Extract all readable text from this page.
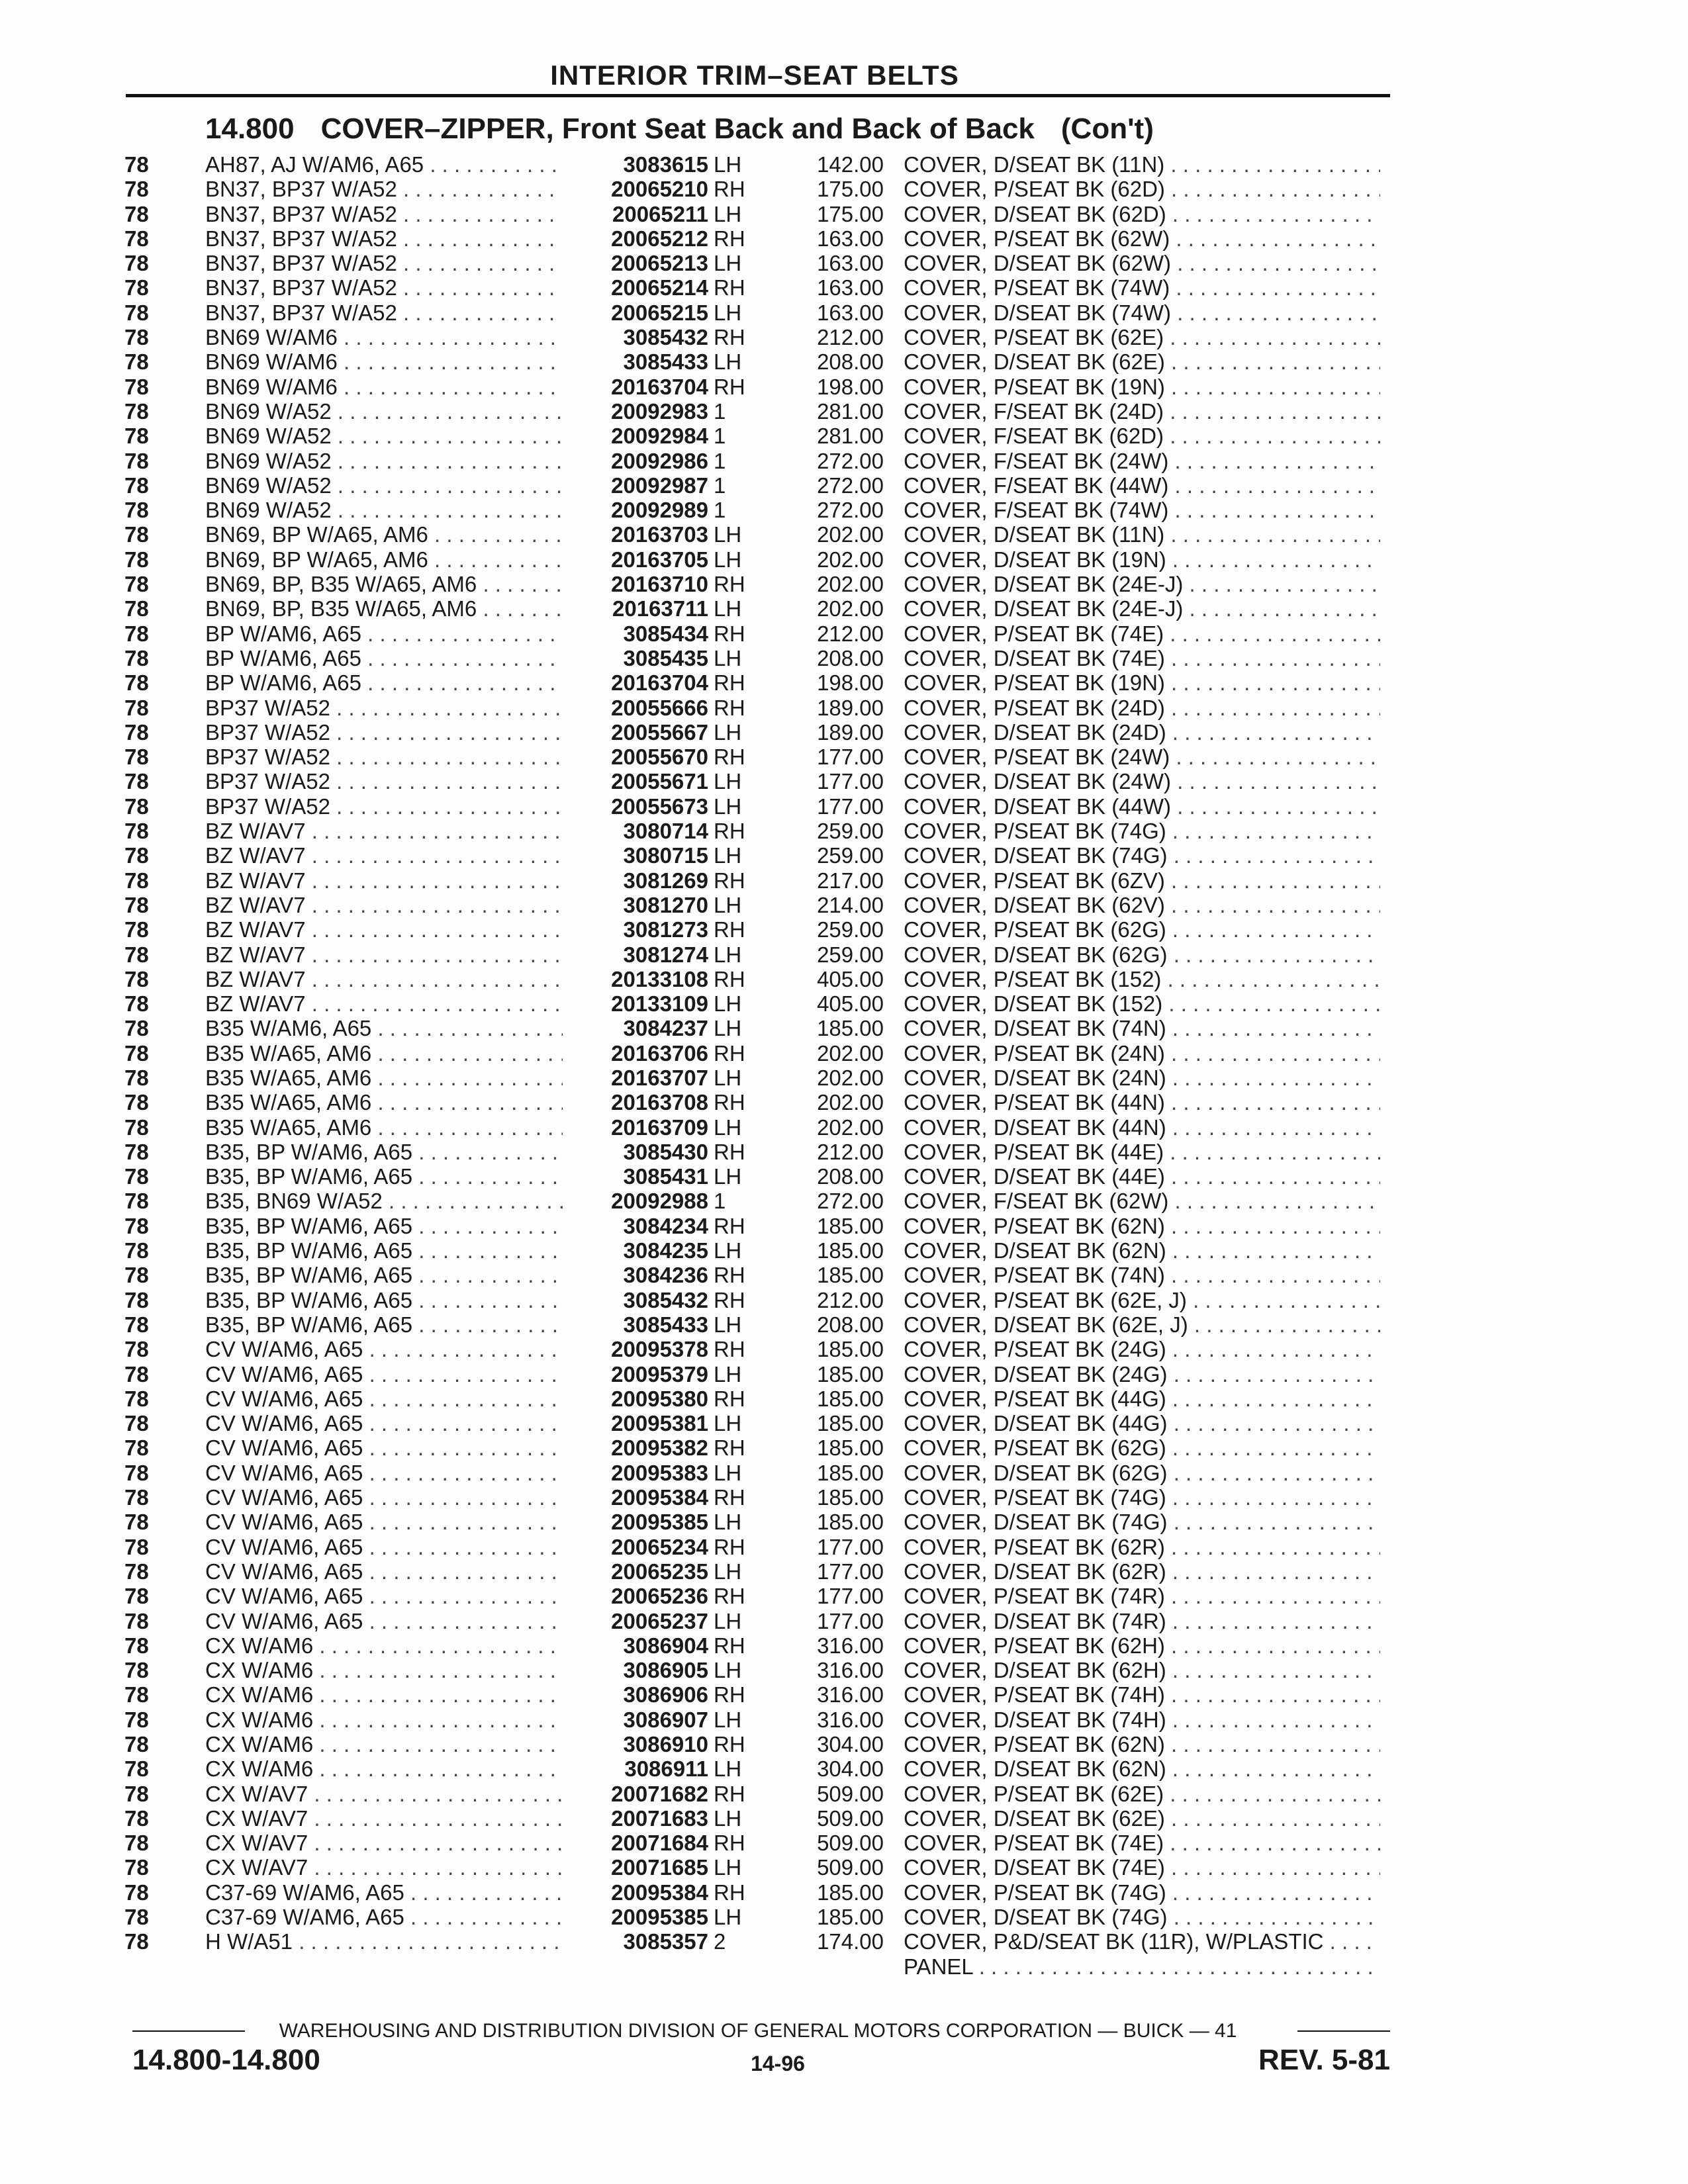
INTERIOR TRIM–SEAT BELTS
14.800 COVER–ZIPPER, Front Seat Back and Back of Back (Con't)
78	AH87, AJ W/AM6, A65 . . .	3083615 LH	142.00 COVER, D/SEAT BK (11N) . . .
78	BN37, BP37 W/A52 . . .	20065210 RH	175.00 COVER, P/SEAT BK (62D) . . .
78	BN37, BP37 W/A52 . . .	20065211 LH	175.00 COVER, D/SEAT BK (62D) . . .
78	BN37, BP37 W/A52 . . .	20065212 RH	163.00 COVER, P/SEAT BK (62W) . . .
78	BN37, BP37 W/A52 . . .	20065213 LH	163.00 COVER, D/SEAT BK (62W) . . .
78	BN37, BP37 W/A52 . . .	20065214 RH	163.00 COVER, P/SEAT BK (74W) . . .
78	BN37, BP37 W/A52 . . .	20065215 LH	163.00 COVER, D/SEAT BK (74W) . . .
78	BN69 W/AM6 . . .	3085432 RH	212.00 COVER, P/SEAT BK (62E) . . .
78	BN69 W/AM6 . . .	3085433 LH	208.00 COVER, D/SEAT BK (62E) . . .
78	BN69 W/AM6 . . .	20163704 RH	198.00 COVER, P/SEAT BK (19N) . . .
78	BN69 W/A52 . . .	20092983 1	281.00 COVER, F/SEAT BK (24D) . . .
78	BN69 W/A52 . . .	20092984 1	281.00 COVER, F/SEAT BK (62D) . . .
78	BN69 W/A52 . . .	20092986 1	272.00 COVER, F/SEAT BK (24W) . . .
78	BN69 W/A52 . . .	20092987 1	272.00 COVER, F/SEAT BK (44W) . . .
78	BN69 W/A52 . . .	20092989 1	272.00 COVER, F/SEAT BK (74W) . . .
78	BN69, BP W/A65, AM6 . . .	20163703 LH	202.00 COVER, D/SEAT BK (11N) . . .
78	BN69, BP W/A65, AM6 . . .	20163705 LH	202.00 COVER, D/SEAT BK (19N) . . .
78	BN69, BP, B35 W/A65, AM6 . . .	20163710 RH	202.00 COVER, D/SEAT BK (24E-J) . . .
78	BN69, BP, B35 W/A65, AM6 . . .	20163711 LH	202.00 COVER, D/SEAT BK (24E-J) . . .
78	BP W/AM6, A65 . . .	3085434 RH	212.00 COVER, P/SEAT BK (74E) . . .
78	BP W/AM6, A65 . . .	3085435 LH	208.00 COVER, D/SEAT BK (74E) . . .
78	BP W/AM6, A65 . . .	20163704 RH	198.00 COVER, P/SEAT BK (19N) . . .
78	BP37 W/A52 . . .	20055666 RH	189.00 COVER, P/SEAT BK (24D) . . .
78	BP37 W/A52 . . .	20055667 LH	189.00 COVER, D/SEAT BK (24D) . . .
78	BP37 W/A52 . . .	20055670 RH	177.00 COVER, P/SEAT BK (24W) . . .
78	BP37 W/A52 . . .	20055671 LH	177.00 COVER, D/SEAT BK (24W) . . .
78	BP37 W/A52 . . .	20055673 LH	177.00 COVER, D/SEAT BK (44W) . . .
78	BZ W/AV7 . . .	3080714 RH	259.00 COVER, P/SEAT BK (74G) . . .
78	BZ W/AV7 . . .	3080715 LH	259.00 COVER, D/SEAT BK (74G) . . .
78	BZ W/AV7 . . .	3081269 RH	217.00 COVER, P/SEAT BK (6ZV) . . .
78	BZ W/AV7 . . .	3081270 LH	214.00 COVER, D/SEAT BK (62V) . . .
78	BZ W/AV7 . . .	3081273 RH	259.00 COVER, P/SEAT BK (62G) . . .
78	BZ W/AV7 . . .	3081274 LH	259.00 COVER, D/SEAT BK (62G) . . .
78	BZ W/AV7 . . .	20133108 RH	405.00 COVER, P/SEAT BK (152) . . .
78	BZ W/AV7 . . .	20133109 LH	405.00 COVER, D/SEAT BK (152) . . .
78	B35 W/AM6, A65 . . .	3084237 LH	185.00 COVER, D/SEAT BK (74N) . . .
78	B35 W/A65, AM6 . . .	20163706 RH	202.00 COVER, P/SEAT BK (24N) . . .
78	B35 W/A65, AM6 . . .	20163707 LH	202.00 COVER, D/SEAT BK (24N) . . .
78	B35 W/A65, AM6 . . .	20163708 RH	202.00 COVER, P/SEAT BK (44N) . . .
78	B35 W/A65, AM6 . . .	20163709 LH	202.00 COVER, D/SEAT BK (44N) . . .
78	B35, BP W/AM6, A65 . . .	3085430 RH	212.00 COVER, P/SEAT BK (44E) . . .
78	B35, BP W/AM6, A65 . . .	3085431 LH	208.00 COVER, D/SEAT BK (44E) . . .
78	B35, BN69 W/A52 . . .	20092988 1	272.00 COVER, F/SEAT BK (62W) . . .
78	B35, BP W/AM6, A65 . . .	3084234 RH	185.00 COVER, P/SEAT BK (62N) . . .
78	B35, BP W/AM6, A65 . . .	3084235 LH	185.00 COVER, D/SEAT BK (62N) . . .
78	B35, BP W/AM6, A65 . . .	3084236 RH	185.00 COVER, P/SEAT BK (74N) . . .
78	B35, BP W/AM6, A65 . . .	3085432 RH	212.00 COVER, P/SEAT BK (62E, J) . . .
78	B35, BP W/AM6, A65 . . .	3085433 LH	208.00 COVER, D/SEAT BK (62E, J) . . .
78	CV W/AM6, A65 . . .	20095378 RH	185.00 COVER, P/SEAT BK (24G) . . .
78	CV W/AM6, A65 . . .	20095379 LH	185.00 COVER, D/SEAT BK (24G) . . .
78	CV W/AM6, A65 . . .	20095380 RH	185.00 COVER, P/SEAT BK (44G) . . .
78	CV W/AM6, A65 . . .	20095381 LH	185.00 COVER, D/SEAT BK (44G) . . .
78	CV W/AM6, A65 . . .	20095382 RH	185.00 COVER, P/SEAT BK (62G) . . .
78	CV W/AM6, A65 . . .	20095383 LH	185.00 COVER, D/SEAT BK (62G) . . .
78	CV W/AM6, A65 . . .	20095384 RH	185.00 COVER, P/SEAT BK (74G) . . .
78	CV W/AM6, A65 . . .	20095385 LH	185.00 COVER, D/SEAT BK (74G) . . .
78	CV W/AM6, A65 . . .	20065234 RH	177.00 COVER, P/SEAT BK (62R) . . .
78	CV W/AM6, A65 . . .	20065235 LH	177.00 COVER, D/SEAT BK (62R) . . .
78	CV W/AM6, A65 . . .	20065236 RH	177.00 COVER, P/SEAT BK (74R) . . .
78	CV W/AM6, A65 . . .	20065237 LH	177.00 COVER, D/SEAT BK (74R) . . .
78	CX W/AM6 . . .	3086904 RH	316.00 COVER, P/SEAT BK (62H) . . .
78	CX W/AM6 . . .	3086905 LH	316.00 COVER, D/SEAT BK (62H) . . .
78	CX W/AM6 . . .	3086906 RH	316.00 COVER, P/SEAT BK (74H) . . .
78	CX W/AM6 . . .	3086907 LH	316.00 COVER, D/SEAT BK (74H) . . .
78	CX W/AM6 . . .	3086910 RH	304.00 COVER, P/SEAT BK (62N) . . .
78	CX W/AM6 . . .	3086911 LH	304.00 COVER, D/SEAT BK (62N) . . .
78	CX W/AV7 . . .	20071682 RH	509.00 COVER, P/SEAT BK (62E) . . .
78	CX W/AV7 . . .	20071683 LH	509.00 COVER, D/SEAT BK (62E) . . .
78	CX W/AV7 . . .	20071684 RH	509.00 COVER, P/SEAT BK (74E) . . .
78	CX W/AV7 . . .	20071685 LH	509.00 COVER, D/SEAT BK (74E) . . .
78	C37-69 W/AM6, A65 . . .	20095384 RH	185.00 COVER, P/SEAT BK (74G) . . .
78	C37-69 W/AM6, A65 . . .	20095385 LH	185.00 COVER, D/SEAT BK (74G) . . .
78	H W/A51 . . .	3085357 2	174.00 COVER, P&D/SEAT BK (11R), W/PLASTIC . . .
PANEL . . .
WAREHOUSING AND DISTRIBUTION DIVISION OF GENERAL MOTORS CORPORATION — BUICK — 41
14.800-14.800	14-96	REV. 5-81
